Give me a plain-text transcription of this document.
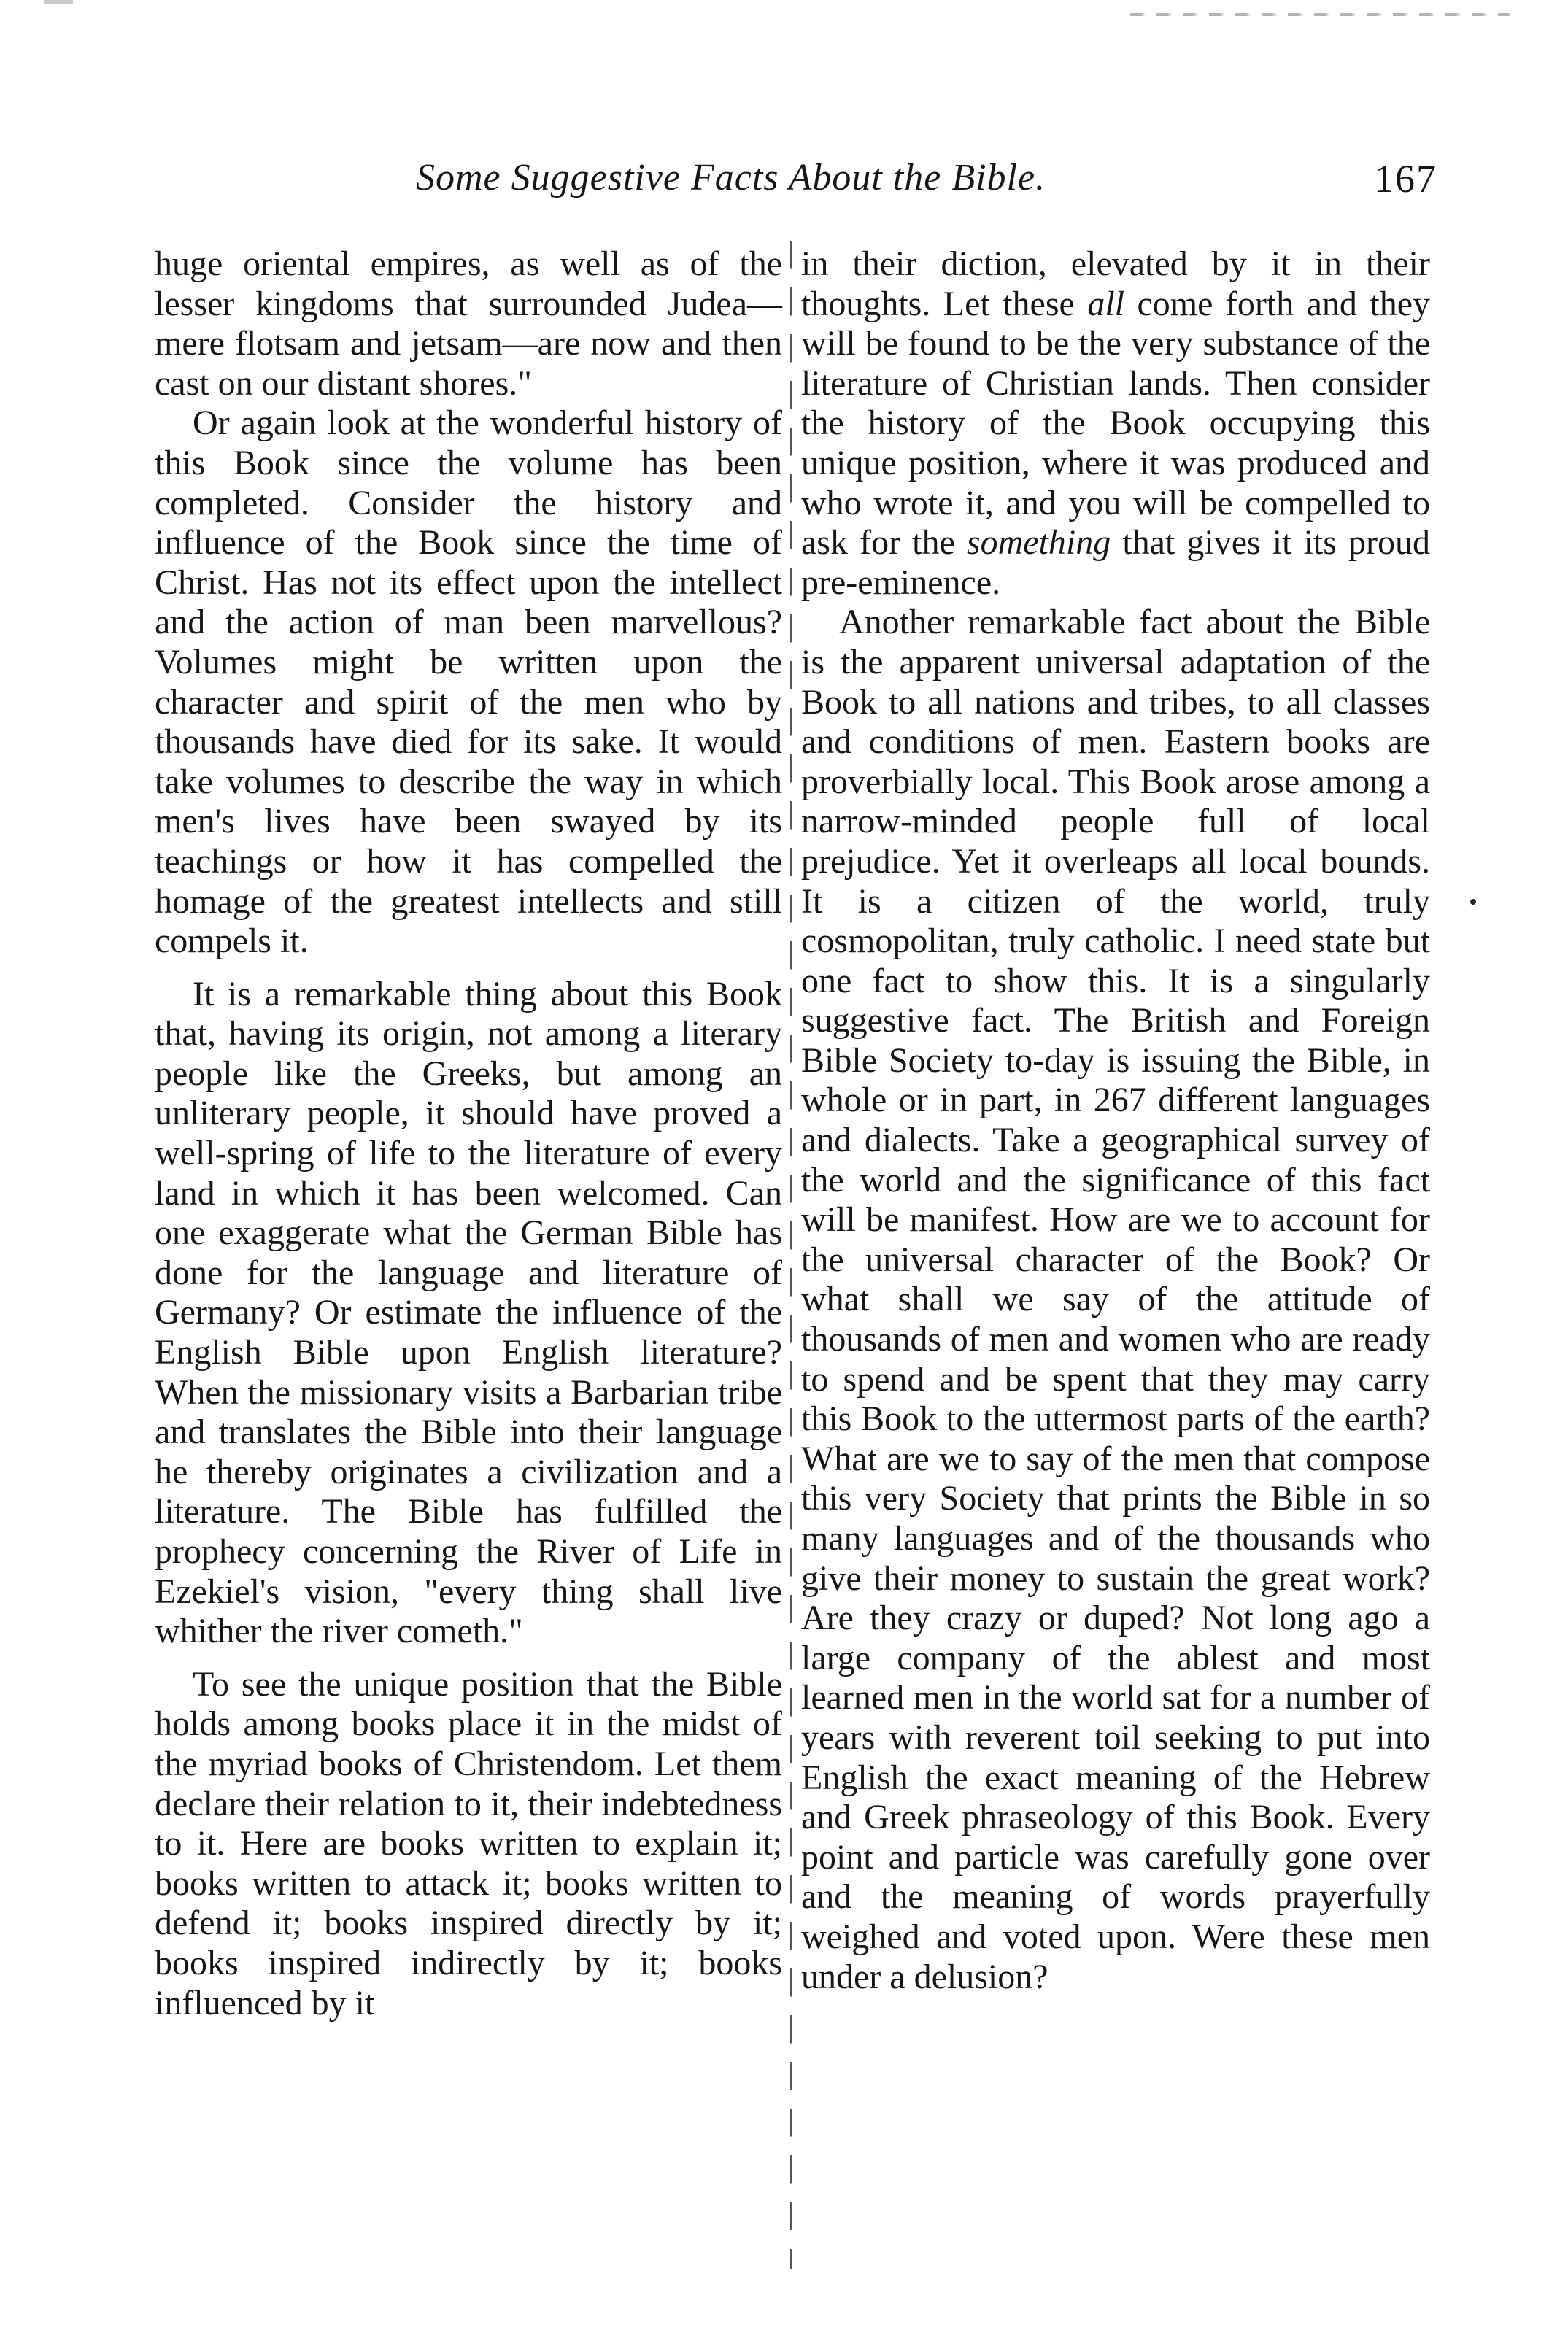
Some Suggestive Facts About the Bible.	167

huge oriental empires, as well as of the lesser kingdoms that surrounded Judea—mere flotsam and jetsam—are now and then cast on our distant shores."

Or again look at the wonderful history of this Book since the volume has been completed. Consider the history and influence of the Book since the time of Christ. Has not its effect upon the intellect and the action of man been marvellous? Volumes might be written upon the character and spirit of the men who by thousands have died for its sake. It would take volumes to describe the way in which men's lives have been swayed by its teachings or how it has compelled the homage of the greatest intellects and still compels it.

It is a remarkable thing about this Book that, having its origin, not among a literary people like the Greeks, but among an unliterary people, it should have proved a well-spring of life to the literature of every land in which it has been welcomed. Can one exaggerate what the German Bible has done for the language and literature of Germany? Or estimate the influence of the English Bible upon English literature? When the missionary visits a Barbarian tribe and translates the Bible into their language he thereby originates a civilization and a literature. The Bible has fulfilled the prophecy concerning the River of Life in Ezekiel's vision, "every thing shall live whither the river cometh."

To see the unique position that the Bible holds among books place it in the midst of the myriad books of Christendom. Let them declare their relation to it, their indebtedness to it. Here are books written to explain it; books written to attack it; books written to defend it; books inspired directly by it; books inspired indirectly by it; books influenced by it

in their diction, elevated by it in their thoughts. Let these all come forth and they will be found to be the very substance of the literature of Christian lands. Then consider the history of the Book occupying this unique position, where it was produced and who wrote it, and you will be compelled to ask for the something that gives it its proud pre-eminence.

Another remarkable fact about the Bible is the apparent universal adaptation of the Book to all nations and tribes, to all classes and conditions of men. Eastern books are proverbially local. This Book arose among a narrow-minded people full of local prejudice. Yet it overleaps all local bounds. It is a citizen of the world, truly cosmopolitan, truly catholic. I need state but one fact to show this. It is a singularly suggestive fact. The British and Foreign Bible Society to-day is issuing the Bible, in whole or in part, in 267 different languages and dialects. Take a geographical survey of the world and the significance of this fact will be manifest. How are we to account for the universal character of the Book? Or what shall we say of the attitude of thousands of men and women who are ready to spend and be spent that they may carry this Book to the uttermost parts of the earth? What are we to say of the men that compose this very Society that prints the Bible in so many languages and of the thousands who give their money to sustain the great work? Are they crazy or duped? Not long ago a large company of the ablest and most learned men in the world sat for a number of years with reverent toil seeking to put into English the exact meaning of the Hebrew and Greek phraseology of this Book. Every point and particle was carefully gone over and the meaning of words prayerfully weighed and voted upon. Were these men under a delusion?
